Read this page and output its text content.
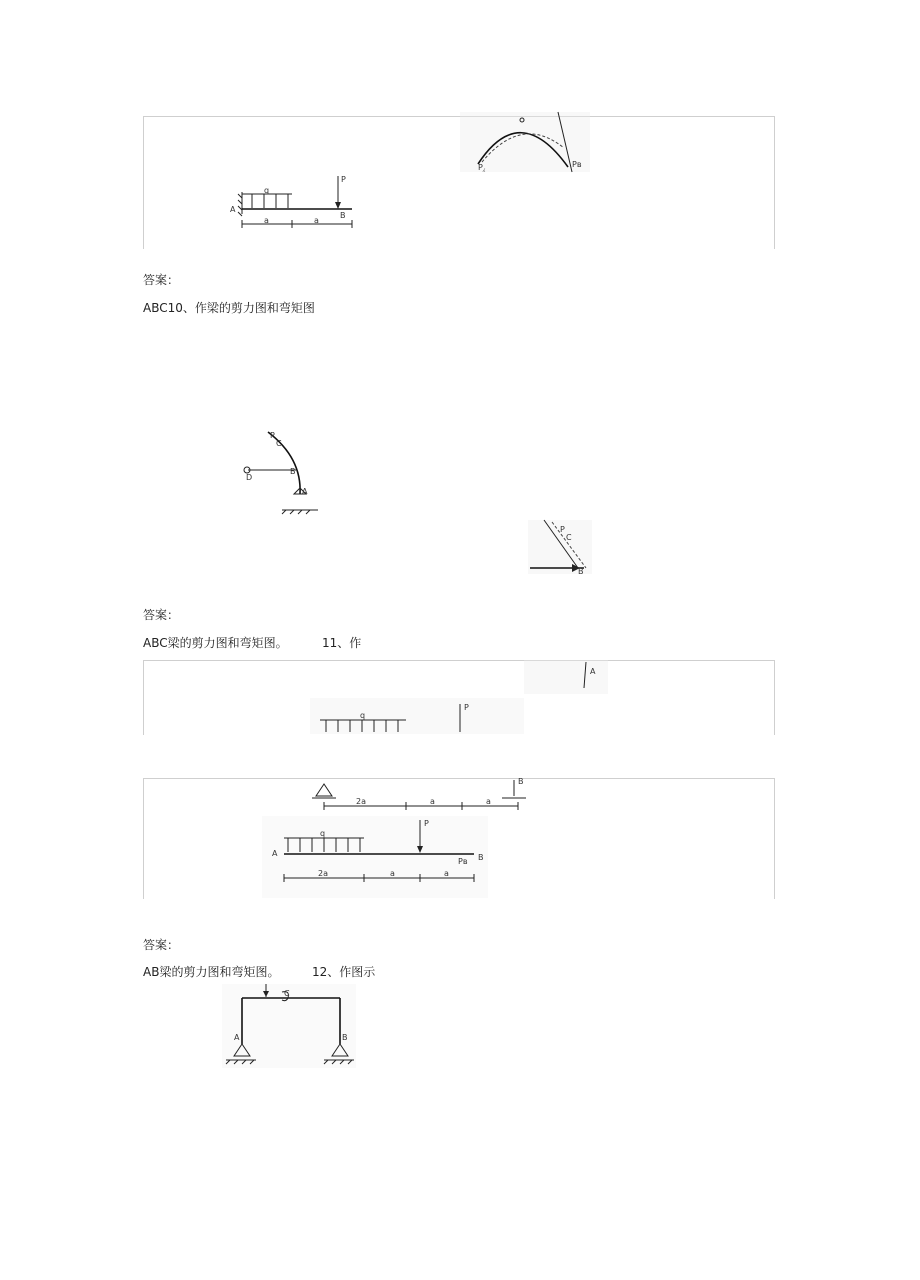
P⁁	Pʙ
q
P
A
B
a	a
答案：
ABC10、作梁的剪力图和弯矩图
C
P
D
B
A
P
C
B
答案：
ABC梁的剪力图和弯矩图。	11、作
A
q
P
2a	a	a
B
q
P
A
Pʙ B
2a	a	a
答案：
AB梁的剪力图和弯矩图。	12、作图示
A	B
C
